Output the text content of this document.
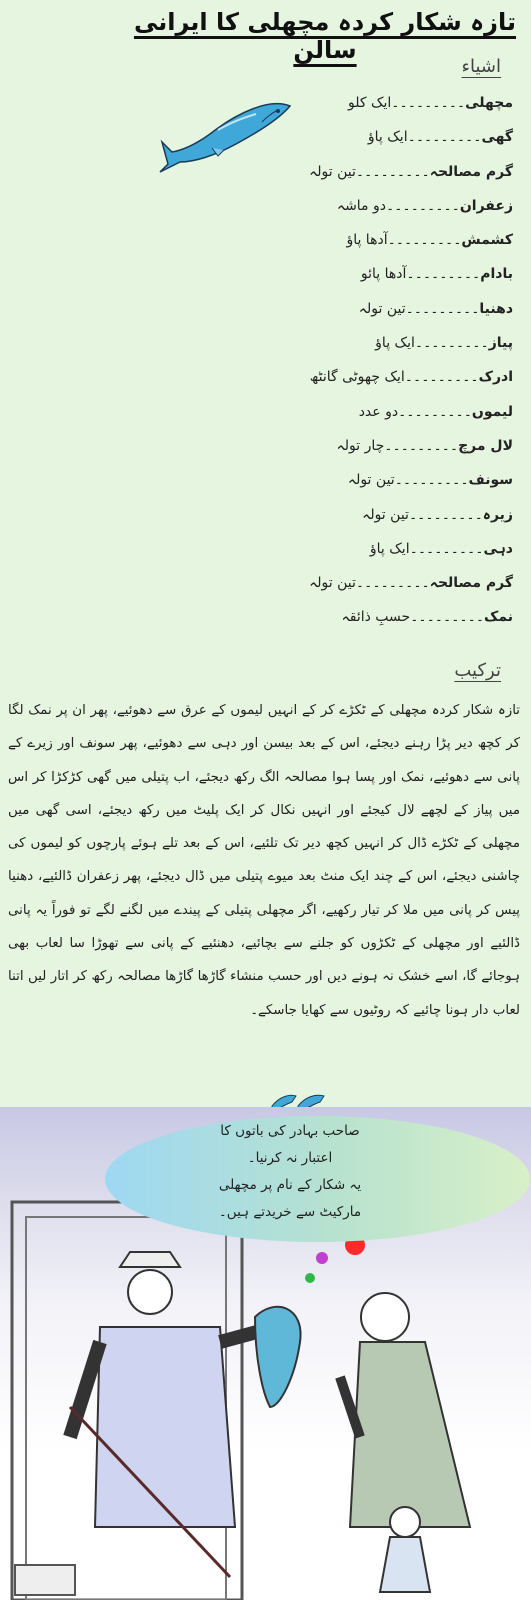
تازہ شکار کردہ مچھلی کا ایرانی سالن
اشیاء
مچھلی۔۔۔۔۔۔۔۔۔ایک کلو
گھی۔۔۔۔۔۔۔۔۔ایک پاؤ
گرم مصالحہ۔۔۔۔۔۔۔۔۔تین تولہ
زعفران۔۔۔۔۔۔۔۔۔دو ماشہ
کشمش۔۔۔۔۔۔۔۔۔آدھا پاؤ
بادام۔۔۔۔۔۔۔۔۔آدھا پائو
دھنیا۔۔۔۔۔۔۔۔۔تین تولہ
پیاز۔۔۔۔۔۔۔۔۔ایک پاؤ
ادرک۔۔۔۔۔۔۔۔۔ایک چھوٹی گانٹھ
لیموں۔۔۔۔۔۔۔۔۔دو عدد
لال مرچ۔۔۔۔۔۔۔۔۔چار تولہ
سونف۔۔۔۔۔۔۔۔۔تین تولہ
زیرہ۔۔۔۔۔۔۔۔۔تین تولہ
دہی۔۔۔۔۔۔۔۔۔ایک پاؤ
گرم مصالحہ۔۔۔۔۔۔۔۔۔تین تولہ
نمک۔۔۔۔۔۔۔۔۔حسبِ ذائقہ
ترکیب
تازہ شکار کردہ مچھلی کے ٹکڑے کر کے انہیں لیموں کے عرق سے دھوئیے، پھر ان پر نمک لگا کر کچھ دیر پڑا رہنے دیجئے، اس کے بعد بیسن اور دہی سے دھوئیے، پھر سونف اور زیرے کے پانی سے دھوئیے، نمک اور پسا ہوا مصالحہ الگ رکھ دیجئے، اب پتیلی میں گھی کڑکڑا کر اس میں پیاز کے لچھے لال کیجئے اور انہیں نکال کر ایک پلیٹ میں رکھ دیجئے، اسی گھی میں مچھلی کے ٹکڑے ڈال کر انہیں کچھ دیر تک تلئیے، اس کے بعد تلے ہوئے پارچوں کو لیموں کی چاشنی دیجئے، اس کے چند ایک منٹ بعد میوے پتیلی میں ڈال دیجئے، پھر زعفران ڈالئیے، دھنیا پیس کر پانی میں ملا کر تیار رکھیے، اگر مچھلی پتیلی کے پیندے میں لگنے لگے تو فوراً یہ پانی ڈالئیے اور مچھلی کے ٹکڑوں کو جلنے سے بچائیے، دھنئیے کے پانی سے تھوڑا سا لعاب بھی ہوجائے گا، اسے خشک نہ ہونے دیں اور حسب منشاء گاڑھا گاڑھا مصالحہ رکھ کر اتار لیں اتنا لعاب دار ہونا چائیے کہ روٹیوں سے کھایا جاسکے۔
صاحب بہادر کی باتوں کا
اعتبار نہ کرنیا۔
یہ شکار کے نام پر مچھلی
مارکیٹ سے خریدتے ہیں۔
